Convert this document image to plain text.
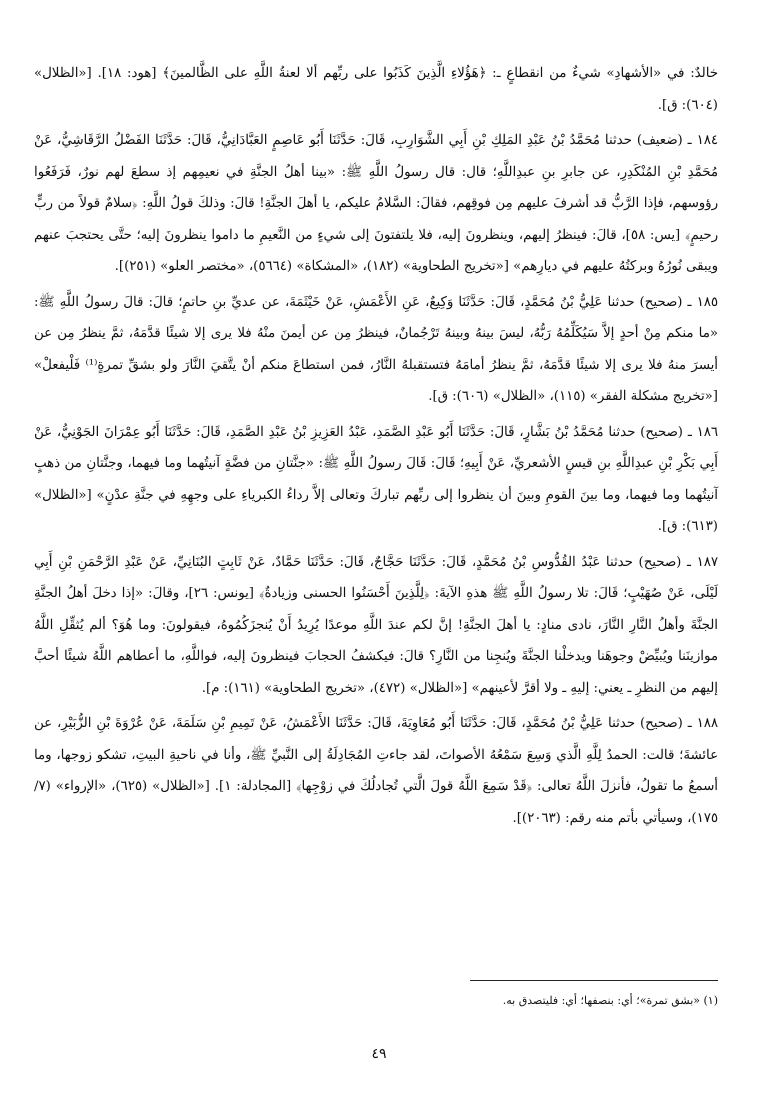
خالدٌ: في «الأشهادِ» شيءٌ من انقطاعٍ ـ: ﴿هَؤُلاءِ الَّذِينَ كَذَبُوا على ربِّهم ألا لعنةُ اللَّهِ على الظَّالمينَ﴾ [هود: ١٨]. [«الظلال» (٦٠٤): ق].

١٨٤ ـ (ضعيف) حدثنا مُحَمَّدُ بْنُ عَبْدِ المَلِكِ بْنِ أَبِي الشَّوَارِبِ، قَالَ: حَدَّثَنَا أَبُو عَاصِمٍ العَبَّادَانِيُّ، قَالَ: حَدَّثَنَا الفَضْلُ الرَّقَاشِيُّ، عَنْ مُحَمَّدِ بْنِ المُنْكَدِرِ، عن جابرِ بنِ عبدِاللَّهِ؛ قال: قال رسولُ اللَّهِ ﷺ: «بينا أهلُ الجنَّةِ في نعيمِهم إذ سطعَ لهم نورٌ، فَرَفَعُوا رؤوسهم، فإذا الرَّبُّ قد أشرفَ عليهم مِن فوقِهم، فقالَ: السَّلامُ عليكم، يا أهلَ الجنَّةِ! قالَ: وذلكَ قولُ اللَّهِ: ﴿سلامٌ قولاً من ربٍّ رحيمٍ﴾ [يس: ٥٨]، قالَ: فينظرُ إليهم، وينظرونَ إليه، فلا يلتفتونَ إلى شيءٍ من النَّعيمِ ما داموا ينظرونَ إليه؛ حتَّى يحتجبَ عنهم ويبقى نُورُهُ وبركتُهُ عليهم في ديارِهم» [«تخريج الطحاوية» (١٨٢)، «المشكاة» (٥٦٦٤)، «مختصر العلو» (٢٥١)].

١٨٥ ـ (صحيح) حدثنا عَلِيُّ بْنُ مُحَمَّدٍ، قَالَ: حَدَّثَنَا وَكِيعٌ، عَنِ الأَعْمَشِ، عَنْ خَيْثَمَةَ، عن عديِّ بنِ حاتمٍ؛ قالَ: قالَ رسولُ اللَّهِ ﷺ: «ما منكم مِنْ أحدٍ إلاَّ سَيُكَلِّمُهُ رَبُّهُ، ليسَ بينهُ وبينهُ تَرْجُمانٌ، فينظرُ مِن عن أيمنَ منْهُ فلا يرى إلا شيئًا قدَّمَهُ، ثمَّ ينظرُ مِن عن أيسرَ منهُ فلا يرى إلا شيئًا قدَّمَهُ، ثمَّ ينظرُ أمامَهُ فتستقبلهُ النَّارُ، فمن استطاعَ منكم أنْ يتَّقيَ النَّارَ ولو بشقِّ تمرةٍ⁽¹⁾ فَلْيفعلْ» [«تخريج مشكلة الفقر» (١١٥)، «الظلال» (٦٠٦): ق].

١٨٦ ـ (صحيح) حدثنا مُحَمَّدُ بْنُ بَشَّارٍ، قَالَ: حَدَّثَنَا أَبُو عَبْدِ الصَّمَدِ، عَبْدُ العَزِيزِ بْنُ عَبْدِ الصَّمَدِ، قَالَ: حَدَّثَنَا أَبُو عِمْرَانَ الجَوْنِيُّ، عَنْ أَبِي بَكْرِ بْنِ عبدِاللَّهِ بنِ قيسٍ الأشعريِّ، عَنْ أَبِيهِ؛ قَالَ: قَالَ رسولُ اللَّهِ ﷺ: «جنَّتانِ من فضَّةٍ آنيتُهما وما فيهما، وجنَّتانِ من ذهبٍ آنيتُهما وما فيهما، وما بينَ القومِ وبينَ أن ينظروا إلى ربِّهم تباركَ وتعالى إلاَّ رداءُ الكبرياءِ على وجهِهِ في جنَّةِ عدْنٍ» [«الظلال» (٦١٣): ق].

١٨٧ ـ (صحيح) حدثنا عَبْدُ القُدُّوسِ بْنُ مُحَمَّدٍ، قَالَ: حَدَّثَنَا حَجَّاجٌ، قَالَ: حَدَّثَنَا حَمَّادٌ، عَنْ ثَابِتٍ البُنَانِيِّ، عَنْ عَبْدِ الرَّحْمَنِ بْنِ أَبِي لَيْلَى، عَنْ صُهَيْبٍ؛ قَالَ: تلا رسولُ اللَّهِ ﷺ هذهِ الآيةَ: ﴿لِلَّذِينَ أَحْسَنُوا الحسنى وزيادةٌ﴾ [يونس: ٢٦]، وقالَ: «إذا دخلَ أهلُ الجنَّةِ الجنَّةَ وأهلُ النَّارِ النَّارَ، نادى منادٍ: يا أهلَ الجنَّةِ! إنَّ لكم عندَ اللَّهِ موعدًا يُرِيدُ أَنْ يُنجزَكُمُوهُ، فيقولونَ: وما هُوَ؟ ألم يُثقِّلِ اللَّهُ موازينَنا ويُبيِّضْ وجوهَنا ويدخلْنا الجنَّةَ ويُنجِنا من النَّارِ؟ قالَ: فيكشفُ الحجابَ فينظرونَ إليه، فواللَّهِ، ما أعطاهم اللَّهُ شيئًا أحبَّ إليهم من النظرِ ـ يعني: إليهِ ـ ولا أقرَّ لأعينهم» [«الظلال» (٤٧٢)، «تخريج الطحاوية» (١٦١): م].

١٨٨ ـ (صحيح) حدثنا عَلِيُّ بْنُ مُحَمَّدٍ، قَالَ: حَدَّثَنَا أَبُو مُعَاوِيَةَ، قَالَ: حَدَّثَنَا الأَعْمَشُ، عَنْ تَمِيمِ بْنِ سَلَمَةَ، عَنْ عُرْوَةَ بْنِ الزُّبَيْرِ، عن عائشةَ؛ قالت: الحمدُ لِلَّهِ الَّذي وَسِعَ سَمْعُهُ الأصواتَ، لقد جاءتِ المُجَادِلَةُ إلى النَّبيِّ ﷺ، وأنا في ناحيةِ البيتِ، تشكو زوجها، وما أسمعُ ما تقولُ، فأنزلَ اللَّهُ تعالى: ﴿قَدْ سَمِعَ اللَّهُ قولَ الَّتي تُجادلُكَ في زوْجِها﴾ [المجادلة: ١]. [«الظلال» (٦٢٥)، «الإرواء» (٧/ ١٧٥)، وسيأتي بأتم منه رقم: (٢٠٦٣)].

(١) «بشق تمرة»؛ أي: بنصفها؛ أي: فليتصدق به.
٤٩
